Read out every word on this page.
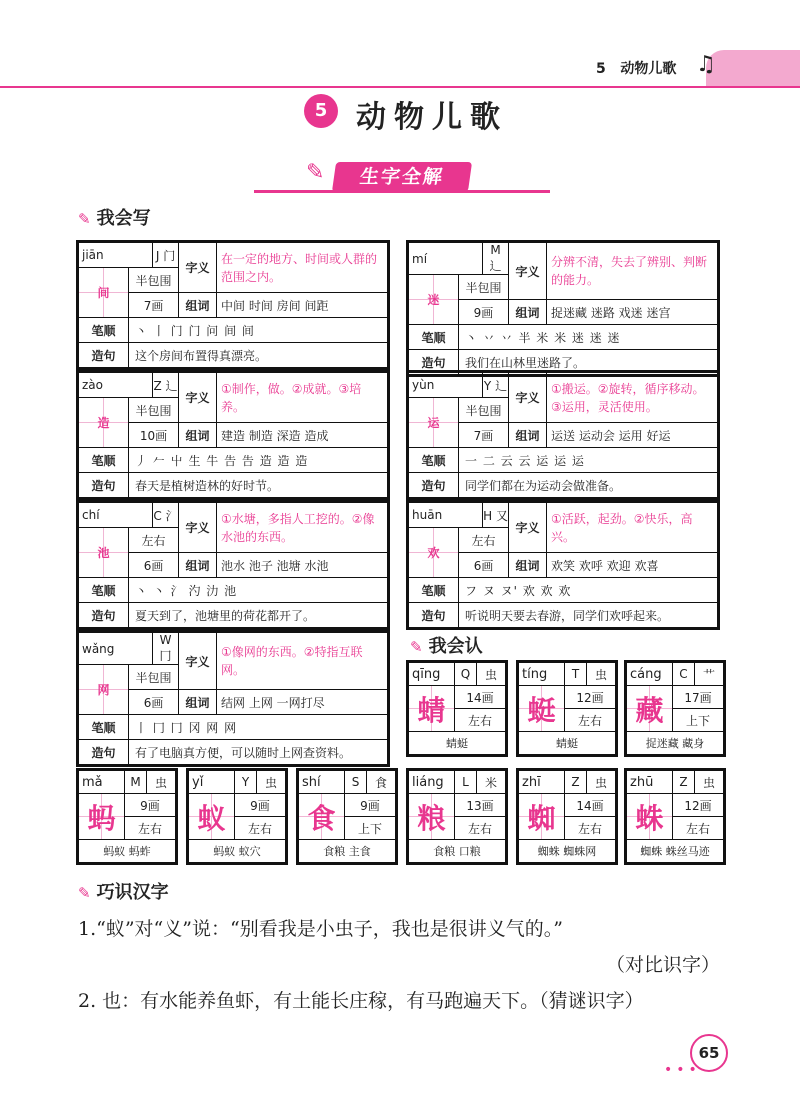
5 动物儿歌 ♫
5 动物儿歌
✎	生字全解
✎ 我会写
jiān		J 门	字义	在一定的地方、时间或人群的范围之内。
间	半包围			
	7画		组词	中间 时间 房间 间距
笔顺	丶 丨 门 门 问 间 间			
造句	这个房间布置得真漂亮。			
mí		M 辶	字义	分辨不清，失去了辨别、判断的能力。
迷	半包围			
	9画		组词	捉迷藏 迷路 戏迷 迷宫
笔顺	丶 丷 丷 半 米 米 迷 迷 迷			
造句	我们在山林里迷路了。			
zào		Z 辶	字义	①制作，做。②成就。③培养。
造	半包围			
	10画		组词	建造 制造 深造 造成
笔顺	丿 𠂉 屮 生 牛 告 告 造 造 造			
造句	春天是植树造林的好时节。			
yùn		Y 辶	字义	①搬运。②旋转，循序移动。③运用，灵活使用。
运	半包围			
	7画		组词	运送 运动会 运用 好运
笔顺	一 二 云 云 运 运 运			
造句	同学们都在为运动会做准备。			
chí		C 氵	字义	①水塘，多指人工挖的。②像水池的东西。
池	左右			
	6画		组词	池水 池子 池塘 水池
笔顺	丶 丶 氵 汋 氻 池			
造句	夏天到了，池塘里的荷花都开了。			
huān		H 又	字义	①活跃，起劲。②快乐，高兴。
欢	左右			
	6画		组词	欢笑 欢呼 欢迎 欢喜
笔顺	フ ヌ ヌ' 欢 欢 欢			
造句	听说明天要去春游，同学们欢呼起来。			
wǎng		W 冂	字义	①像网的东西。②特指互联网。
网	半包围			
	6画		组词	结网 上网 一网打尽
笔顺	丨 冂 冂 冈 网 网			
造句	有了电脑真方便，可以随时上网查资料。			
✎ 我会认
qīng	Q	虫
蜻	14画	
	左右	
蜻蜓		
tíng	T	虫
蜓	12画	
	左右	
蜻蜓		
cáng	C	艹
藏	17画	
	上下	
捉迷藏 藏身		
mǎ	M	虫
蚂	9画	
	左右	
蚂蚁 蚂蚱		
yǐ	Y	虫
蚁	9画	
	左右	
蚂蚁 蚁穴		
shí	S	食
食	9画	
	上下	
食粮 主食		
liáng	L	米
粮	13画	
	左右	
食粮 口粮		
zhī	Z	虫
蜘	14画	
	左右	
蜘蛛 蜘蛛网		
zhū	Z	虫
蛛	12画	
	左右	
蜘蛛 蛛丝马迹		
✎ 巧识汉字
1.“蚁”对“义”说：“别看我是小虫子，我也是很讲义气的。”
（对比识字）
2. 也：有水能养鱼虾，有土能长庄稼，有马跑遍天下。（猜谜识字）
65
•••
